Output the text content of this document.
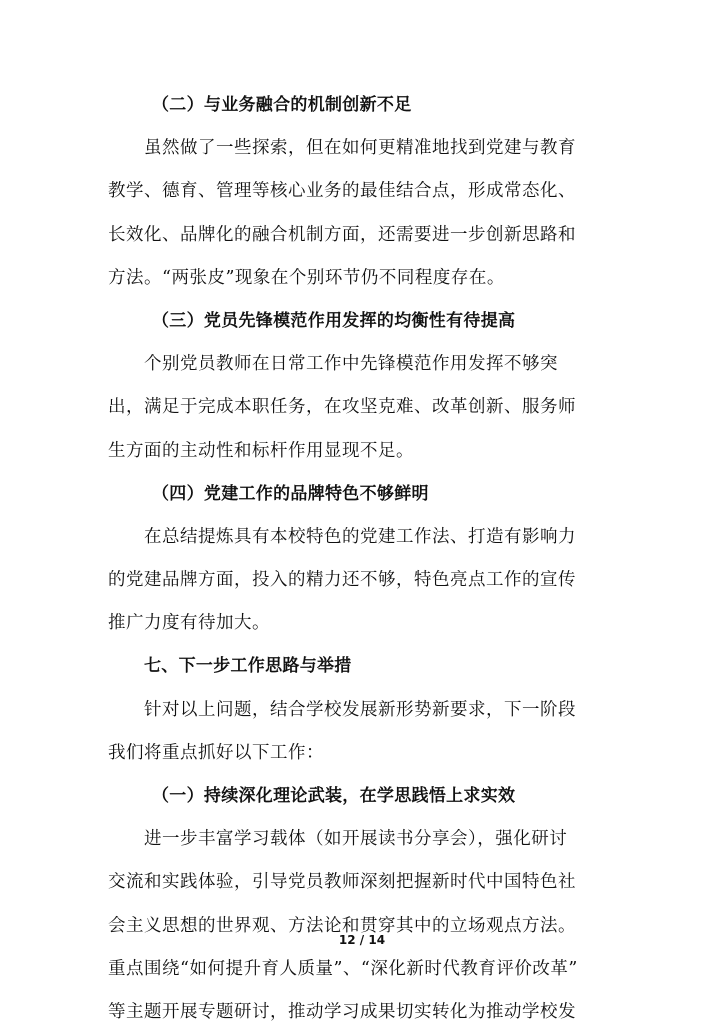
（二）与业务融合的机制创新不足
虽然做了一些探索，但在如何更精准地找到党建与教育
教学、德育、管理等核心业务的最佳结合点，形成常态化、
长效化、品牌化的融合机制方面，还需要进一步创新思路和
方法。“两张皮”现象在个别环节仍不同程度存在。
（三）党员先锋模范作用发挥的均衡性有待提高
个别党员教师在日常工作中先锋模范作用发挥不够突
出，满足于完成本职任务，在攻坚克难、改革创新、服务师
生方面的主动性和标杆作用显现不足。
（四）党建工作的品牌特色不够鲜明
在总结提炼具有本校特色的党建工作法、打造有影响力
的党建品牌方面，投入的精力还不够，特色亮点工作的宣传
推广力度有待加大。
七、下一步工作思路与举措
针对以上问题，结合学校发展新形势新要求，下一阶段
我们将重点抓好以下工作：
（一）持续深化理论武装，在学思践悟上求实效
进一步丰富学习载体（如开展读书分享会），强化研讨
交流和实践体验，引导党员教师深刻把握新时代中国特色社
会主义思想的世界观、方法论和贯穿其中的立场观点方法。
重点围绕“如何提升育人质量”、“深化新时代教育评价改革”
等主题开展专题研讨，推动学习成果切实转化为推动学校发
12 / 14
